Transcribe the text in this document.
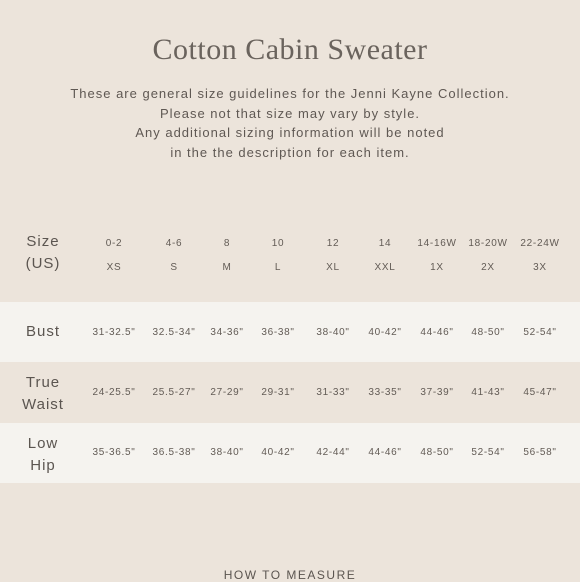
Cotton Cabin Sweater
These are general size guidelines for the Jenni Kayne Collection.
Please not that size may vary by style.
Any additional sizing information will be noted
in the the description for each item.
Size
(US)
0-2	4-6	8	10	12	14	14-16W	18-20W	22-24W
XS	S	M	L	XL	XXL	1X	2X	3X
Bust	31-32.5"	32.5-34"	34-36"	36-38"	38-40"	40-42"	44-46"	48-50"	52-54"
True
Waist
24-25.5"	25.5-27"	27-29"	29-31"	31-33"	33-35"	37-39"	41-43"	45-47"
Low
Hip
35-36.5"	36.5-38"	38-40"	40-42"	42-44"	44-46"	48-50"	52-54"	56-58"
HOW TO MEASURE
